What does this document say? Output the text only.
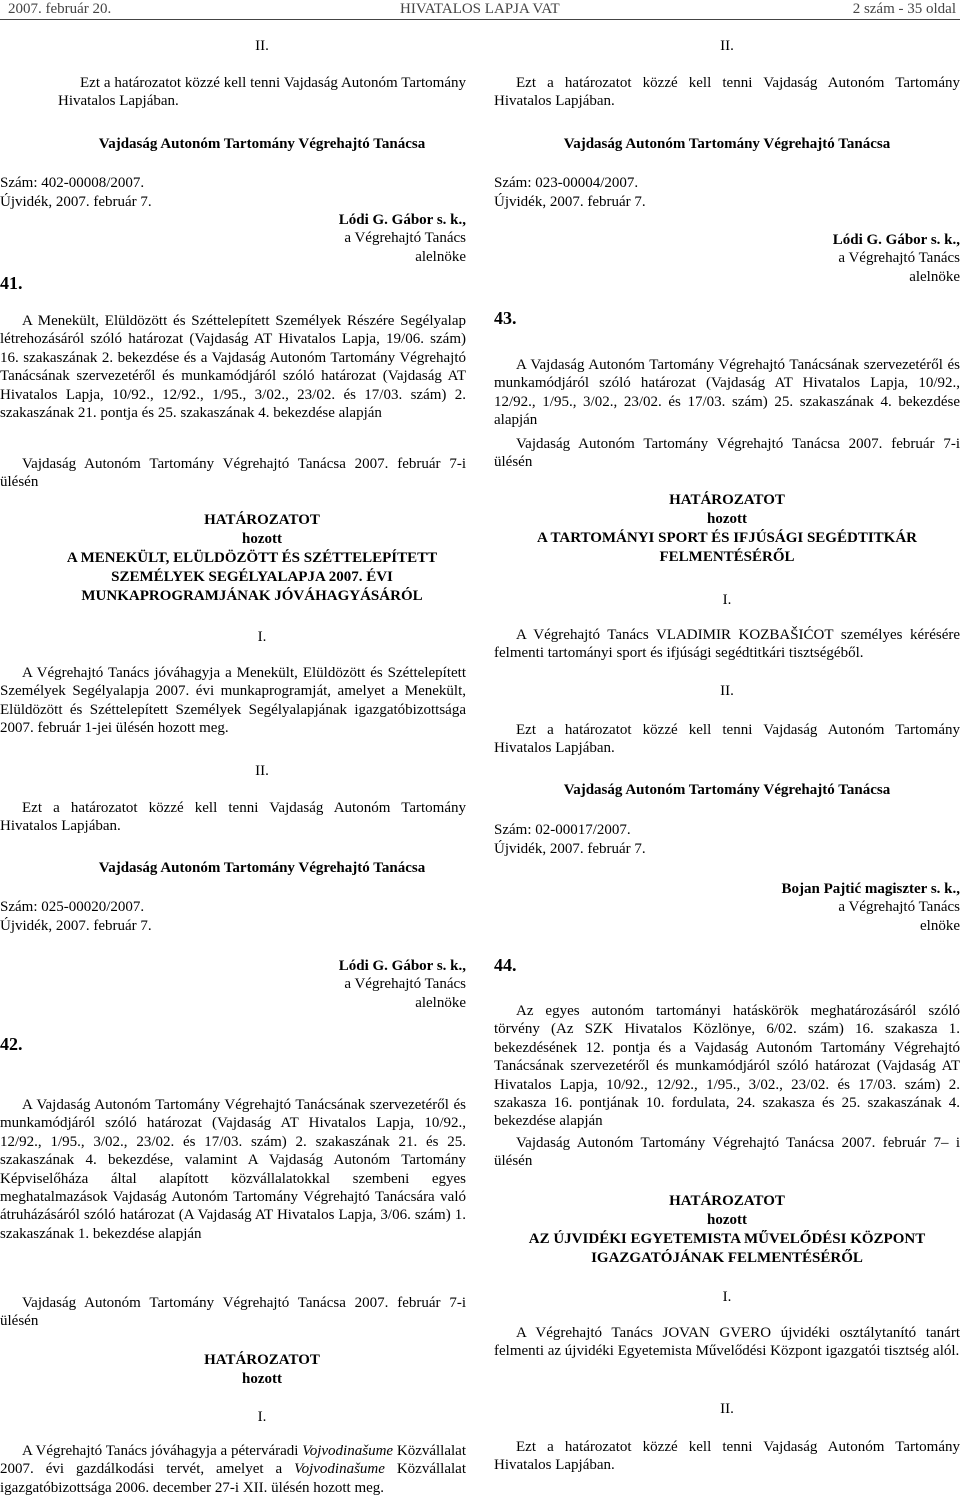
2007. február 20.	HIVATALOS LAPJA VAT	2 szám - 35 oldal
II.
Ezt a határozatot közzé kell tenni Vajdaság Autonóm Tartomány Hivatalos Lapjában.
Vajdaság Autonóm Tartomány Végrehajtó Tanácsa
Szám: 402-00008/2007.
Újvidék, 2007. február 7.
Lódi G. Gábor s. k.,
a Végrehajtó Tanács
alelnöke
41.
A Menekült, Elüldözött és Széttelepített Személyek Részére Segélyalap létrehozásáról szóló határozat (Vajdaság AT Hivatalos Lapja, 19/06. szám) 16. szakaszának 2. bekezdése és a Vajdaság Autonóm Tartomány Végrehajtó Tanácsának szervezetéről és munkamódjáról szóló határozat (Vajdaság AT Hivatalos Lapja, 10/92., 12/92., 1/95., 3/02., 23/02. és 17/03. szám) 2. szakaszának 21. pontja és 25. szakaszának 4. bekezdése alapján
Vajdaság Autonóm Tartomány Végrehajtó Tanácsa 2007. február 7-i ülésén
HATÁROZATOT
hozott
A MENEKÜLT, ELÜLDÖZÖTT ÉS SZÉTTELEPÍTETT
SZEMÉLYEK SEGÉLYALAPJA 2007. ÉVI
MUNKAPROGRAMJÁNAK JÓVÁHAGYÁSÁRÓL
I.
A Végrehajtó Tanács jóváhagyja a Menekült, Elüldözött és Széttelepített Személyek Segélyalapja 2007. évi munkaprogramját, amelyet a Menekült, Elüldözött és Széttelepített Személyek Segélyalapjának igazgatóbizottsága 2007. február 1-jei ülésén hozott meg.
II.
Ezt a határozatot közzé kell tenni Vajdaság Autonóm Tartomány Hivatalos Lapjában.
Vajdaság Autonóm Tartomány Végrehajtó Tanácsa
Szám: 025-00020/2007.
Újvidék, 2007. február 7.
Lódi G. Gábor s. k.,
a Végrehajtó Tanács
alelnöke
42.
A Vajdaság Autonóm Tartomány Végrehajtó Tanácsának szervezetéről és munkamódjáról szóló határozat (Vajdaság AT Hivatalos Lapja, 10/92., 12/92., 1/95., 3/02., 23/02. és 17/03. szám) 2. szakaszának 21. és 25. szakaszának 4. bekezdése, valamint A Vajdaság Autonóm Tartomány Képviselőháza által alapított közvállalatokkal szembeni egyes meghatalmazások Vajdaság Autonóm Tartomány Végrehajtó Tanácsára való átruházásáról szóló határozat (A Vajdaság AT Hivatalos Lapja, 3/06. szám) 1. szakaszának 1. bekezdése alapján
Vajdaság Autonóm Tartomány Végrehajtó Tanácsa 2007. február 7-i ülésén
HATÁROZATOT
hozott
I.
A Végrehajtó Tanács jóváhagyja a péterváradi Vojvodinašume Közvállalat 2007. évi gazdálkodási tervét, amelyet a Vojvodinašume Közvállalat igazgatóbizottsága 2006. december 27-i XII. ülésén hozott meg.
II.
Ezt a határozatot közzé kell tenni Vajdaság Autonóm Tartomány Hivatalos Lapjában.
Vajdaság Autonóm Tartomány Végrehajtó Tanácsa
Szám: 023-00004/2007.
Újvidék, 2007. február 7.
Lódi G. Gábor s. k.,
a Végrehajtó Tanács
alelnöke
43.
A Vajdaság Autonóm Tartomány Végrehajtó Tanácsának szervezetéről és munkamódjáról szóló határozat (Vajdaság AT Hivatalos Lapja, 10/92., 12/92., 1/95., 3/02., 23/02. és 17/03. szám) 25. szakaszának 4. bekezdése alapján
Vajdaság Autonóm Tartomány Végrehajtó Tanácsa 2007. február 7-i ülésén
HATÁROZATOT
hozott
A TARTOMÁNYI SPORT ÉS IFJÚSÁGI SEGÉDTITKÁR
FELMENTÉSÉRŐL
I.
A Végrehajtó Tanács VLADIMIR KOZBAŠIĆOT személyes kérésére felmenti tartományi sport és ifjúsági segédtitkári tisztségéből.
II.
Ezt a határozatot közzé kell tenni Vajdaság Autonóm Tartomány Hivatalos Lapjában.
Vajdaság Autonóm Tartomány Végrehajtó Tanácsa
Szám: 02-00017/2007.
Újvidék, 2007. február 7.
Bojan Pajtić magiszter s. k.,
a Végrehajtó Tanács
elnöke
44.
Az egyes autonóm tartományi hatáskörök meghatározásáról szóló törvény (Az SZK Hivatalos Közlönye, 6/02. szám) 16. szakasza 1. bekezdésének 12. pontja és a Vajdaság Autonóm Tartomány Végrehajtó Tanácsának szervezetéről és munkamódjáról szóló határozat (Vajdaság AT Hivatalos Lapja, 10/92., 12/92., 1/95., 3/02., 23/02. és 17/03. szám) 2. szakasza 16. pontjának 10. fordulata, 24. szakasza és 25. szakaszának 4. bekezdése alapján
Vajdaság Autonóm Tartomány Végrehajtó Tanácsa 2007. február 7– i ülésén
HATÁROZATOT
hozott
AZ ÚJVIDÉKI EGYETEMISTA MŰVELŐDÉSI KÖZPONT
IGAZGATÓJÁNAK FELMENTÉSÉRŐL
I.
A Végrehajtó Tanács JOVAN GVERO újvidéki osztálytanító tanárt felmenti az újvidéki Egyetemista Művelődési Központ igazgatói tisztség alól.
II.
Ezt a határozatot közzé kell tenni Vajdaság Autonóm Tartomány Hivatalos Lapjában.
